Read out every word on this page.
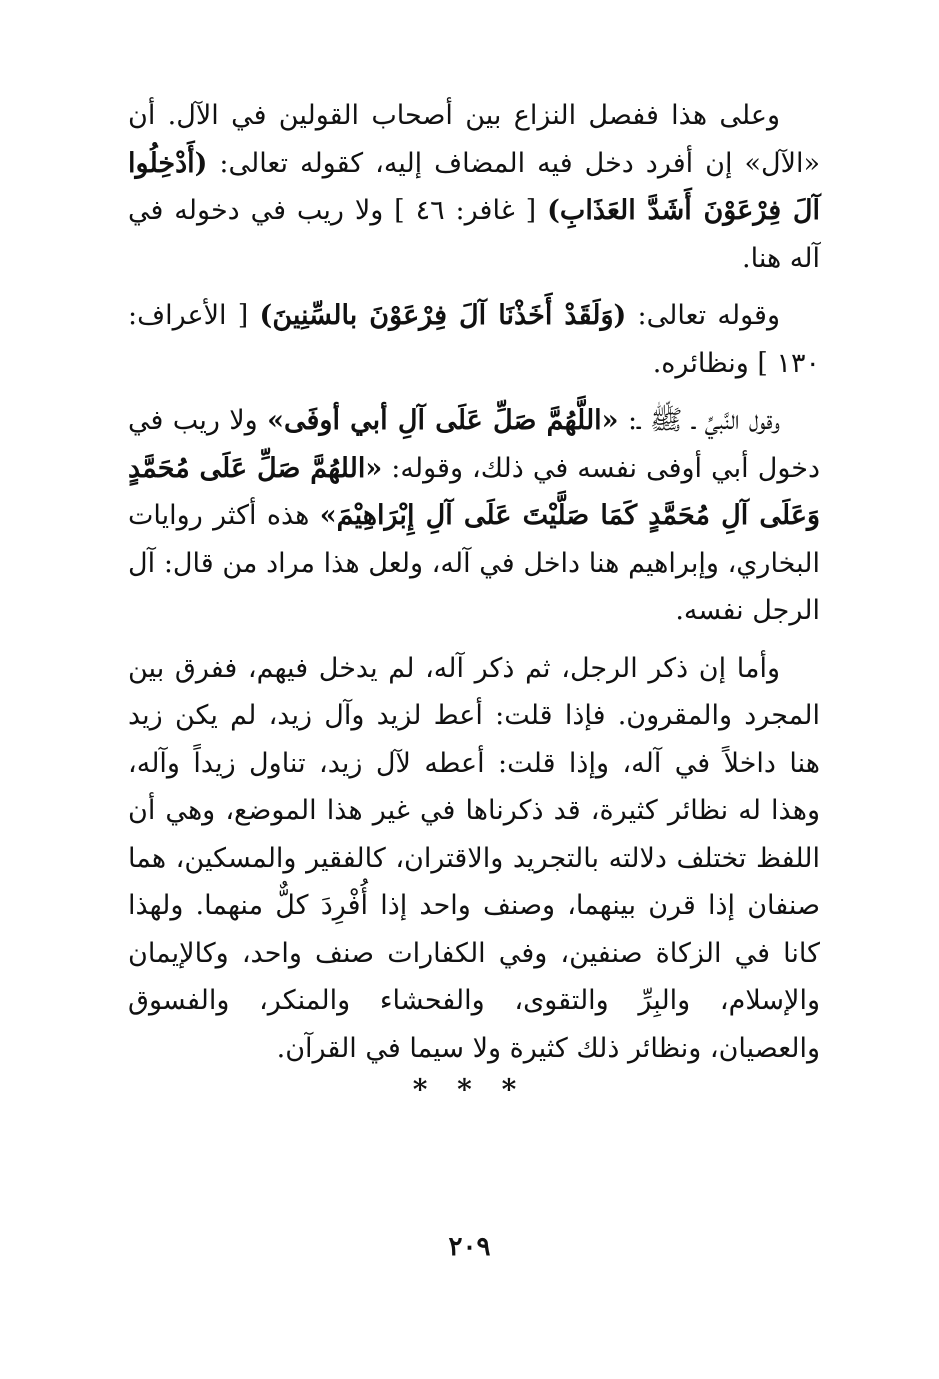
وعلى هذا ففصل النزاع بين أصحاب القولين في الآل. أن «الآل» إن أفرد دخل فيه المضاف إليه، كقوله تعالى: (أَدْخِلُوا آلَ فِرْعَوْنَ أَشَدَّ العَذَابِ) [ غافر: ٤٦ ] ولا ريب في دخوله في آله هنا.

وقوله تعالى: (وَلَقَدْ أَخَذْنَا آلَ فِرْعَوْنَ بالسِّنِينَ) [ الأعراف: ١٣٠ ] ونظائره.

وقول النَّبيِّ ـ ﷺ ـ: «اللَّهُمَّ صَلِّ عَلَى آلِ أبي أوفَى» ولا ريب في دخول أبي أوفى نفسه في ذلك، وقوله: «اللهُمَّ صَلِّ عَلَى مُحَمَّدٍ وَعَلَى آلِ مُحَمَّدٍ كَمَا صَلَّيْتَ عَلَى آلِ إِبْرَاهِيْمَ» هذه أكثر روايات البخاري، وإبراهيم هنا داخل في آله، ولعل هذا مراد من قال: آل الرجل نفسه.

وأما إن ذكر الرجل، ثم ذكر آله، لم يدخل فيهم، ففرق بين المجرد والمقرون. فإذا قلت: أعط لزيد وآل زيد، لم يكن زيد هنا داخلاً في آله، وإذا قلت: أعطه لآل زيد، تناول زيداً وآله، وهذا له نظائر كثيرة، قد ذكرناها في غير هذا الموضع، وهي أن اللفظ تختلف دلالته بالتجريد والاقتران، كالفقير والمسكين، هما صنفان إذا قرن بينهما، وصنف واحد إذا أُفْرِدَ كلٌّ منهما. ولهذا كانا في الزكاة صنفين، وفي الكفارات صنف واحد، وكالإيمان والإسلام، والبِرِّ والتقوى، والفحشاء والمنكر، والفسوق والعصيان، ونظائر ذلك كثيرة ولا سيما في القرآن.

* * *
٢٠٩
